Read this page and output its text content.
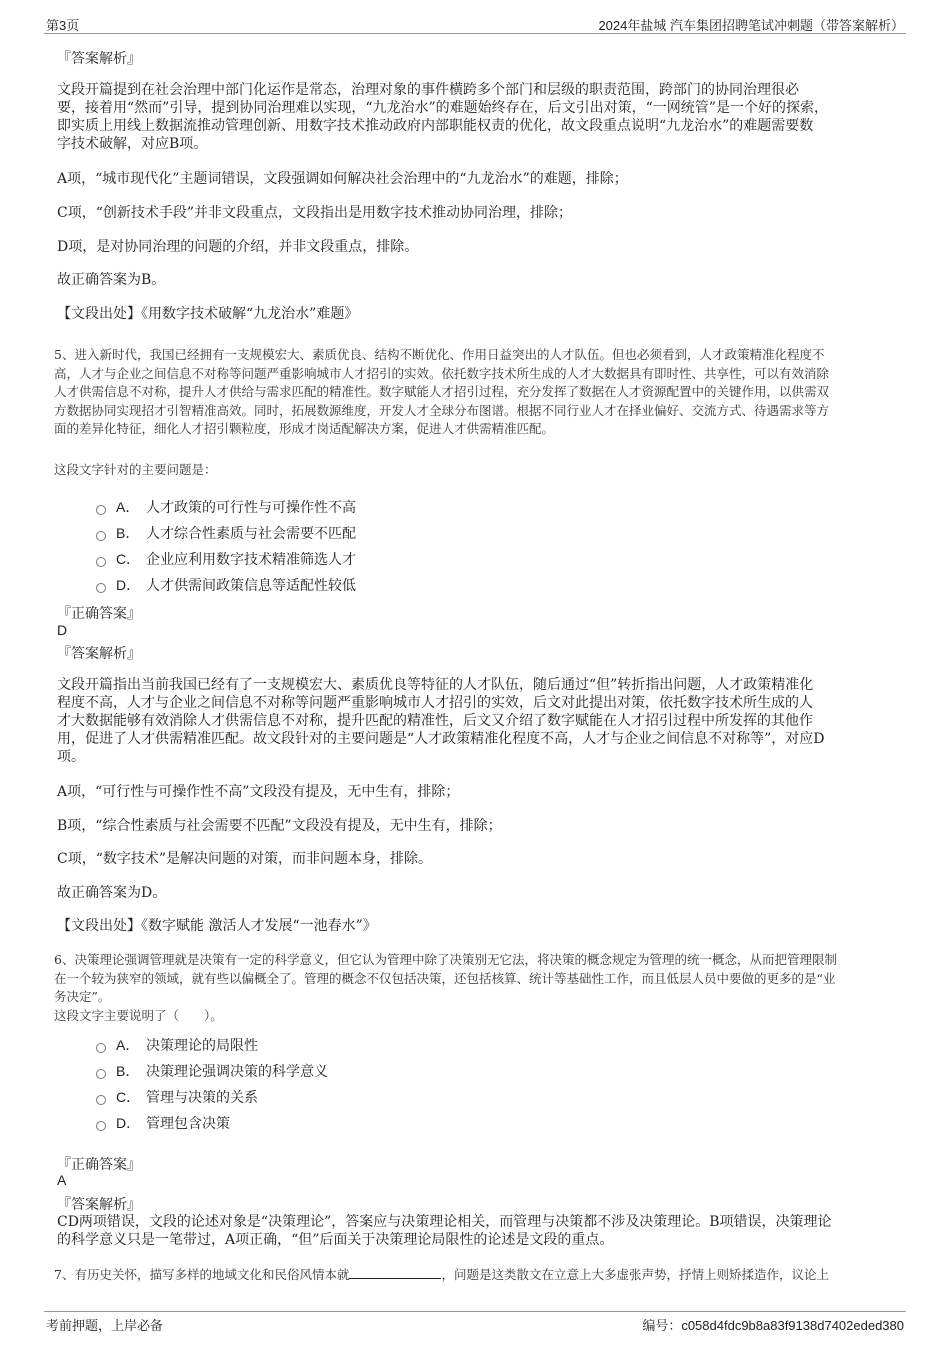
第3页	2024年盐城 汽车集团招聘笔试冲刺题（带答案解析）
『答案解析』
文段开篇提到在社会治理中部门化运作是常态，治理对象的事件横跨多个部门和层级的职责范围，跨部门的协同治理很必
要，接着用“然而”引导，提到协同治理难以实现，“九龙治水”的难题始终存在，后文引出对策，“一网统管”是一个好的探索，
即实质上用线上数据流推动管理创新、用数字技术推动政府内部职能权责的优化，故文段重点说明“九龙治水”的难题需要数
字技术破解，对应B项。
A项，“城市现代化”主题词错误，文段强调如何解决社会治理中的“九龙治水”的难题，排除；
C项，“创新技术手段”并非文段重点，文段指出是用数字技术推动协同治理，排除；
D项，是对协同治理的问题的介绍，并非文段重点，排除。
故正确答案为B。
【文段出处】《用数字技术破解“九龙治水”难题》
5、进入新时代，我国已经拥有一支规模宏大、素质优良、结构不断优化、作用日益突出的人才队伍。但也必须看到，人才政策精准化程度不
高，人才与企业之间信息不对称等问题严重影响城市人才招引的实效。依托数字技术所生成的人才大数据具有即时性、共享性，可以有效消除
人才供需信息不对称，提升人才供给与需求匹配的精准性。数字赋能人才招引过程，充分发挥了数据在人才资源配置中的关键作用，以供需双
方数据协同实现招才引智精准高效。同时，拓展数源维度，开发人才全球分布图谱。根据不同行业人才在择业偏好、交流方式、待遇需求等方
面的差异化特征，细化人才招引颗粒度，形成才岗适配解决方案，促进人才供需精准匹配。
这段文字针对的主要问题是：
A． 人才政策的可行性与可操作性不高
B． 人才综合性素质与社会需要不匹配
C． 企业应利用数字技术精准筛选人才
D． 人才供需间政策信息等适配性较低
『正确答案』
D
『答案解析』
文段开篇指出当前我国已经有了一支规模宏大、素质优良等特征的人才队伍，随后通过“但”转折指出问题，人才政策精准化
程度不高，人才与企业之间信息不对称等问题严重影响城市人才招引的实效，后文对此提出对策，依托数字技术所生成的人
才大数据能够有效消除人才供需信息不对称，提升匹配的精准性，后文又介绍了数字赋能在人才招引过程中所发挥的其他作
用，促进了人才供需精准匹配。故文段针对的主要问题是“人才政策精准化程度不高，人才与企业之间信息不对称等”，对应D
项。
A项，“可行性与可操作性不高”文段没有提及，无中生有，排除；
B项，“综合性素质与社会需要不匹配”文段没有提及，无中生有，排除；
C项，“数字技术”是解决问题的对策，而非问题本身，排除。
故正确答案为D。
【文段出处】《数字赋能 激活人才发展“一池春水”》
6、决策理论强调管理就是决策有一定的科学意义，但它认为管理中除了决策别无它法，将决策的概念规定为管理的统一概念，从而把管理限制
在一个较为狭窄的领域，就有些以偏概全了。管理的概念不仅包括决策，还包括核算、统计等基础性工作，而且低层人员中要做的更多的是“业
务决定”。
这段文字主要说明了（　　）。
A． 决策理论的局限性
B． 决策理论强调决策的科学意义
C． 管理与决策的关系
D． 管理包含决策
『正确答案』
A
『答案解析』
CD两项错误，文段的论述对象是“决策理论”，答案应与决策理论相关，而管理与决策都不涉及决策理论。B项错误，决策理论
的科学意义只是一笔带过，A项正确，“但”后面关于决策理论局限性的论述是文段的重点。
7、有历史关怀，描写多样的地域文化和民俗风情本就	，问题是这类散文在立意上大多虚张声势，抒情上则矫揉造作，议论上
考前押题，上岸必备	编号：c058d4fdc9b8a83f9138d7402eded380
